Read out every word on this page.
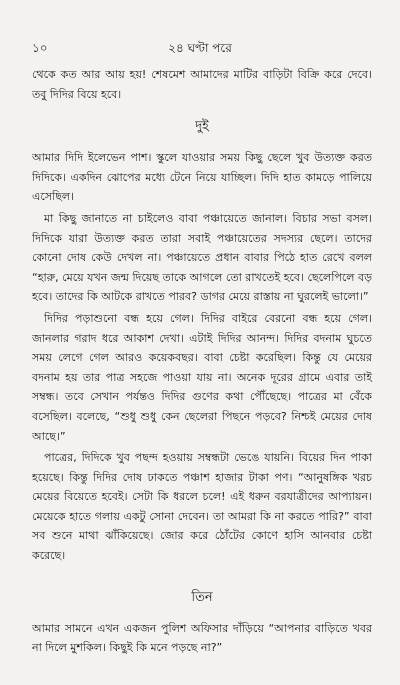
১০	২৪ ঘণ্টা পরে

থেকে কত আর আয় হয়! শেষমেশ আমাদের মাটির বাড়িটা বিক্রি করে দেবে। তবু দিদির বিয়ে হবে।

দুই

আমার দিদি ইলেভেন পাশ। স্কুলে যাওয়ার সময় কিছু ছেলে খুব উত্যক্ত করত দিদিকে। একদিন ঝোপের মধ্যে টেনে নিয়ে যাচ্ছিল। দিদি হাত কামড়ে পালিয়ে এসেছিল।

মা কিছু জানাতে না চাইলেও বাবা পঞ্চায়েতে জানাল। বিচার সভা বসল। দিদিকে যারা উত্যক্ত করত তারা সবাই পঞ্চায়েতের সদস্যর ছেলে। তাদের কোনো দোষ কেউ দেখল না। পঞ্চায়েতে প্রধান বাবার পিঠে হাত রেখে বলল “হারু, মেয়ে যখন জন্ম দিয়েছ তাকে আগলে তো রাখতেই হবে। ছেলেপিলে বড় হবে। তাদের কি আটকে রাখতে পারব? ডাগর মেয়ে রাস্তায় না ঘুরলেই ভালো।”

দিদির পড়াশুনো বন্ধ হয়ে গেল। দিদির বাইরে বেরনো বন্ধ হয়ে গেল। জানলার গরাদ ধরে আকাশ দেখা। এটাই দিদির আনন্দ। দিদির বদনাম ঘুচতে সময় লেগে গেল আরও কয়েকবছর। বাবা চেষ্টা করেছিল। কিন্তু যে মেয়ের বদনাম হয় তার পাত্র সহজে পাওয়া যায় না। অনেক দূরের গ্রামে এবার তাই সম্বন্ধ। তবে সেখান পর্যন্তও দিদির গুণের কথা পৌঁছেছে। পাত্রের মা বেঁকে বসেছিল। বলেছে, “শুধু শুধু কেন ছেলেরা পিছনে পড়বে? নিশ্চই মেয়ের দোষ আছে।”

পাত্রের, দিদিকে খুব পছন্দ হওয়ায় সম্বন্ধটা ভেঙে যায়নি। বিয়ের দিন পাকা হয়েছে। কিন্তু দিদির দোষ ঢাকতে পঞ্চাশ হাজার টাকা পণ। “আনুষঙ্গিক খরচ মেয়ের বিয়েতে হবেই। সেটা কি ধরলে চলে! এই ধরুন বরযাত্রীদের আপ্যায়ন। মেয়েকে হাতে গলায় একটু সোনা দেবেন। তা আমরা কি না করতে পারি?” বাবা সব শুনে মাথা ঝাঁকিয়েছে। জোর করে ঠোঁটের কোণে হাসি আনবার চেষ্টা করেছে।

তিন

আমার সামনে এখন একজন পুলিশ অফিসার দাঁড়িয়ে “আপনার বাড়িতে খবর না দিলে মুশকিল। কিছুই কি মনে পড়ছে না?”
